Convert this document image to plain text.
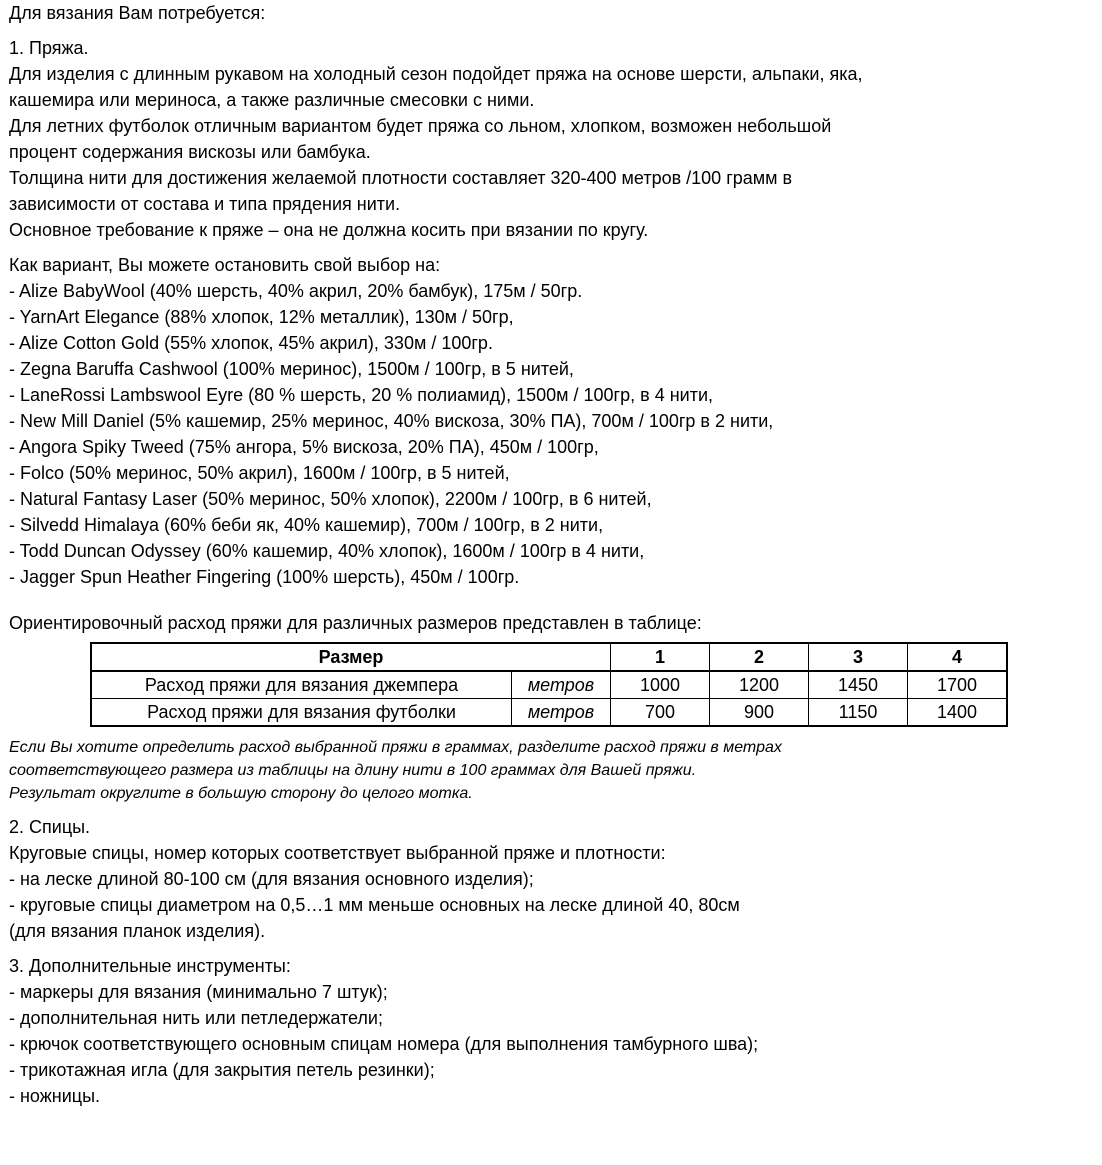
Для вязания Вам потребуется:
1. Пряжа.
Для изделия с длинным рукавом на холодный сезон подойдет пряжа на основе шерсти, альпаки, яка,
кашемира или мериноса, а также различные смесовки с ними.
Для летних футболок отличным вариантом будет пряжа со льном, хлопком, возможен небольшой
процент содержания вискозы или бамбука.
Толщина нити для достижения желаемой плотности составляет 320-400 метров /100 грамм в
зависимости от состава и типа прядения нити.
Основное требование к пряже – она не должна косить при вязании по кругу.
Как вариант, Вы можете остановить свой выбор на:
- Alize BabyWool (40% шерсть, 40% акрил, 20% бамбук), 175м / 50гр.
- YarnArt Elegance (88% хлопок, 12% металлик), 130м / 50гр,
- Alize Cotton Gold (55% хлопок, 45% акрил), 330м / 100гр.
- Zegna Baruffa Cashwool (100% меринос), 1500м / 100гр, в 5 нитей,
- LaneRossi Lambswool Eyre (80 % шерсть, 20 % полиамид), 1500м / 100гр, в 4 нити,
- New Mill Daniel (5% кашемир, 25% меринос, 40% вискоза, 30% ПА), 700м / 100гр в 2 нити,
- Angora Spiky Tweed (75% ангора, 5% вискоза, 20% ПА), 450м / 100гр,
- Folco (50% меринос, 50% акрил), 1600м / 100гр, в 5 нитей,
- Natural Fantasy Laser (50% меринос, 50% хлопок), 2200м / 100гр, в 6 нитей,
- Silvedd Himalaya (60% беби як, 40% кашемир), 700м / 100гр, в 2 нити,
- Todd Duncan Odyssey (60% кашемир, 40% хлопок), 1600м / 100гр в 4 нити,
- Jagger Spun Heather Fingering (100% шерсть), 450м / 100гр.
Ориентировочный расход пряжи для различных размеров представлен в таблице:
Размер		1	2	3	4
Расход пряжи для вязания джемпера	метров	1000	1200	1450	1700
Расход пряжи для вязания футболки	метров	700	900	1150	1400
Если Вы хотите определить расход выбранной пряжи в граммах, разделите расход пряжи в метрах
соответствующего размера из таблицы на длину нити в 100 граммах для Вашей пряжи.
Результат округлите в большую сторону до целого мотка.
2. Спицы.
Круговые спицы, номер которых соответствует выбранной пряже и плотности:
- на леске длиной 80-100 см (для вязания основного изделия);
- круговые спицы диаметром на 0,5…1 мм меньше основных на леске длиной 40, 80см
(для вязания планок изделия).
3. Дополнительные инструменты:
- маркеры для вязания (минимально 7 штук);
- дополнительная нить или петледержатели;
- крючок соответствующего основным спицам номера (для выполнения тамбурного шва);
- трикотажная игла (для закрытия петель резинки);
- ножницы.
